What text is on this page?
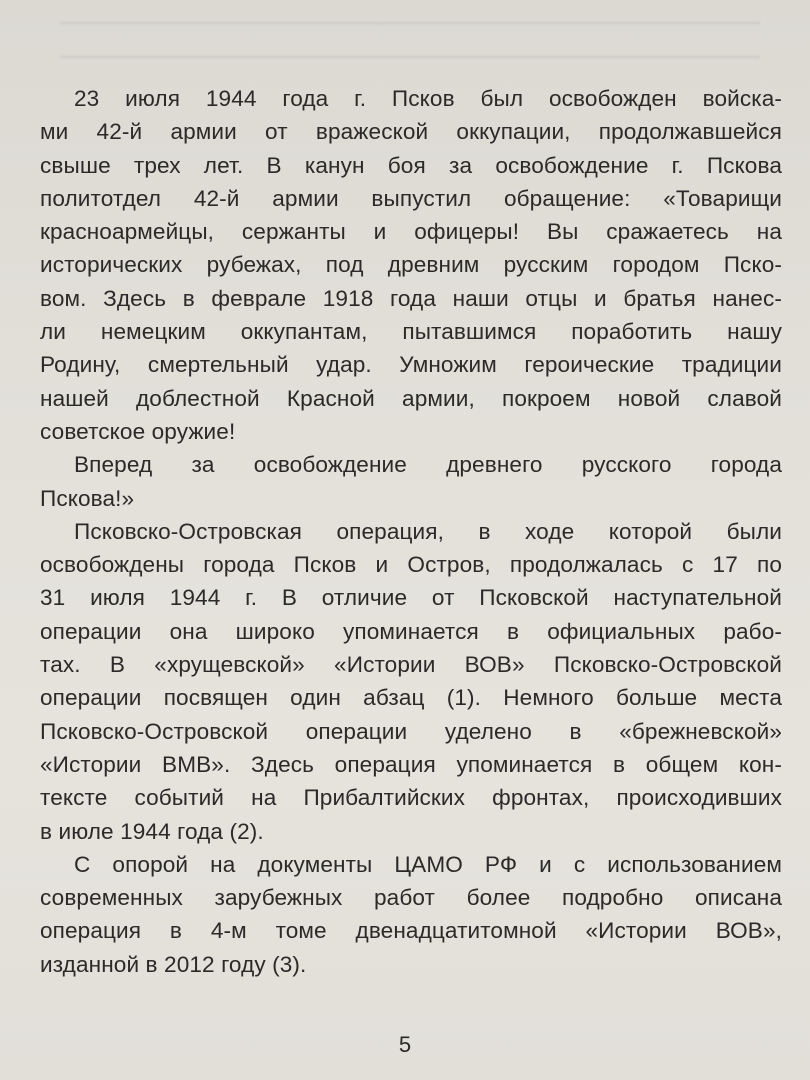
23 июля 1944 года г. Псков был освобожден войска-
ми 42-й армии от вражеской оккупации, продолжавшейся
свыше трех лет. В канун боя за освобождение г. Пскова
политотдел 42-й армии выпустил обращение: «Товарищи
красноармейцы, сержанты и офицеры! Вы сражаетесь на
исторических рубежах, под древним русским городом Пско-
вом. Здесь в феврале 1918 года наши отцы и братья нанес-
ли немецким оккупантам, пытавшимся поработить нашу
Родину, смертельный удар. Умножим героические традиции
нашей доблестной Красной армии, покроем новой славой
советское оружие!
Вперед за освобождение древнего русского города
Пскова!»
Псковско-Островская операция, в ходе которой были
освобождены города Псков и Остров, продолжалась с 17 по
31 июля 1944 г. В отличие от Псковской наступательной
операции она широко упоминается в официальных рабо-
тах. В «хрущевской» «Истории ВОВ» Псковско-Островской
операции посвящен один абзац (1). Немного больше места
Псковско-Островской операции уделено в «брежневской»
«Истории ВМВ». Здесь операция упоминается в общем кон-
тексте событий на Прибалтийских фронтах, происходивших
в июле 1944 года (2).
С опорой на документы ЦАМО РФ и с использованием
современных зарубежных работ более подробно описана
операция в 4-м томе двенадцатитомной «Истории ВОВ»,
изданной в 2012 году (3).
5
